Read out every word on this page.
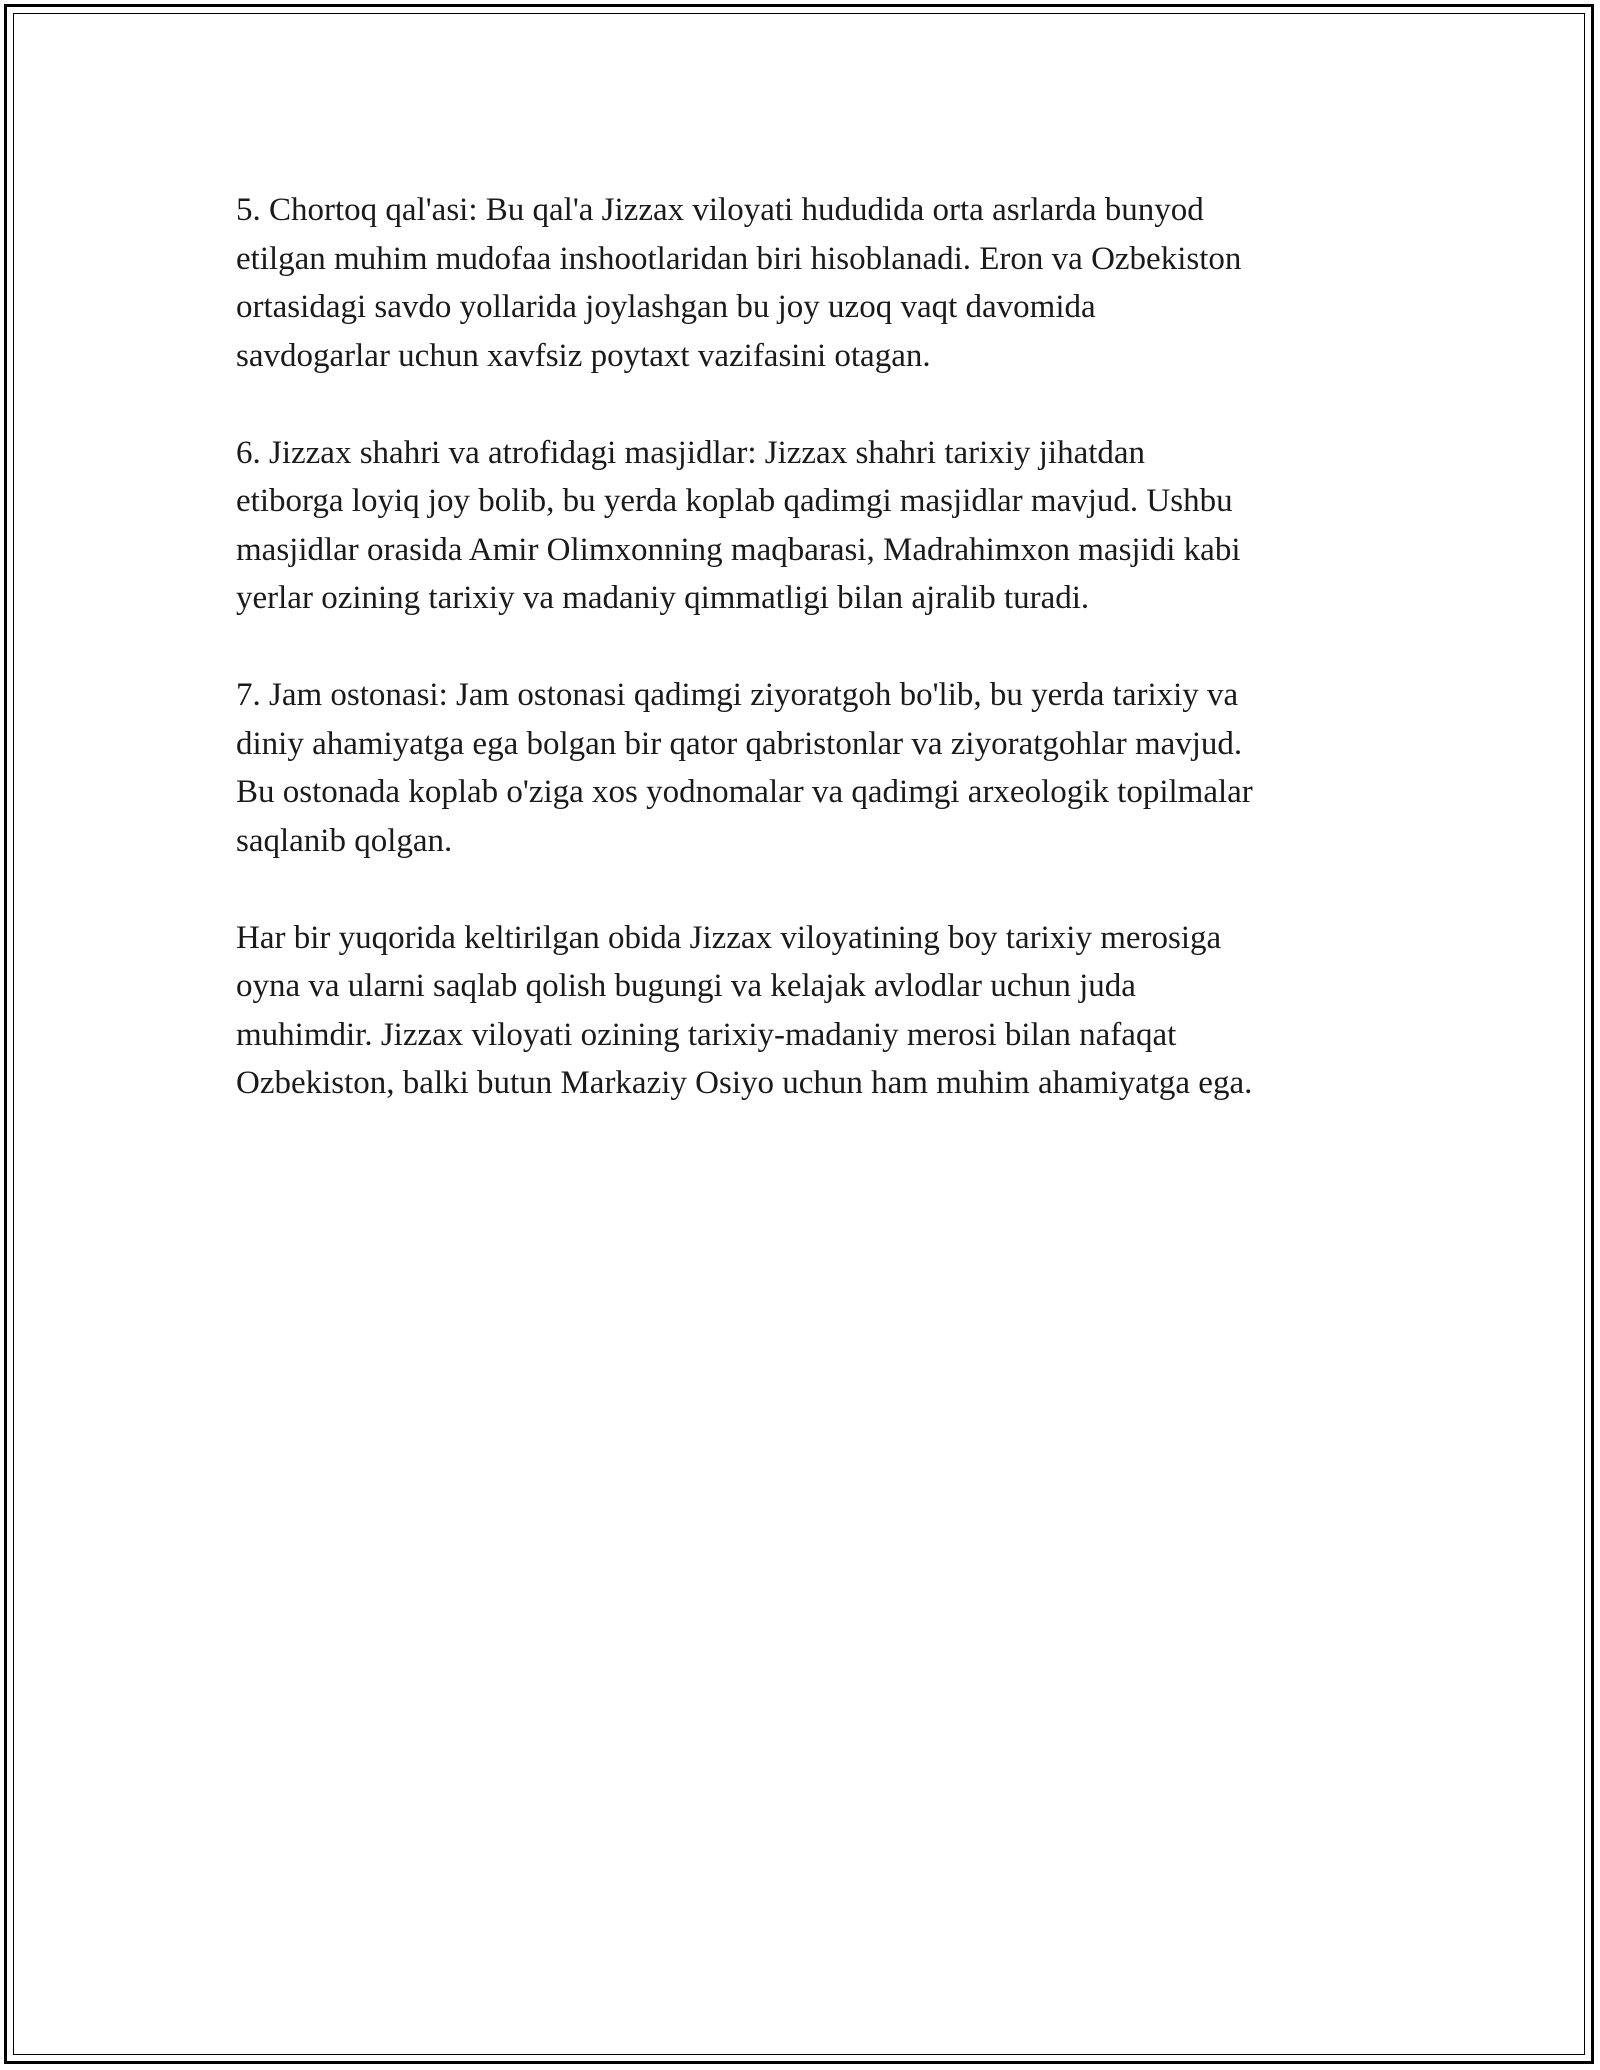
5. Chortoq qal'asi: Bu qal'a Jizzax viloyati hududida orta asrlarda bunyod
etilgan muhim mudofaa inshootlaridan biri hisoblanadi. Eron va Ozbekiston
ortasidagi savdo yollarida joylashgan bu joy uzoq vaqt davomida
savdogarlar uchun xavfsiz poytaxt vazifasini otagan.

6. Jizzax shahri va atrofidagi masjidlar: Jizzax shahri tarixiy jihatdan
etiborga loyiq joy bolib, bu yerda koplab qadimgi masjidlar mavjud. Ushbu
masjidlar orasida Amir Olimxonning maqbarasi, Madrahimxon masjidi kabi
yerlar ozining tarixiy va madaniy qimmatligi bilan ajralib turadi.

7. Jam ostonasi: Jam ostonasi qadimgi ziyoratgoh bo'lib, bu yerda tarixiy va
diniy ahamiyatga ega bolgan bir qator qabristonlar va ziyoratgohlar mavjud.
Bu ostonada koplab o'ziga xos yodnomalar va qadimgi arxeologik topilmalar
saqlanib qolgan.

Har bir yuqorida keltirilgan obida Jizzax viloyatining boy tarixiy merosiga
oyna va ularni saqlab qolish bugungi va kelajak avlodlar uchun juda
muhimdir. Jizzax viloyati ozining tarixiy-madaniy merosi bilan nafaqat
Ozbekiston, balki butun Markaziy Osiyo uchun ham muhim ahamiyatga ega.
